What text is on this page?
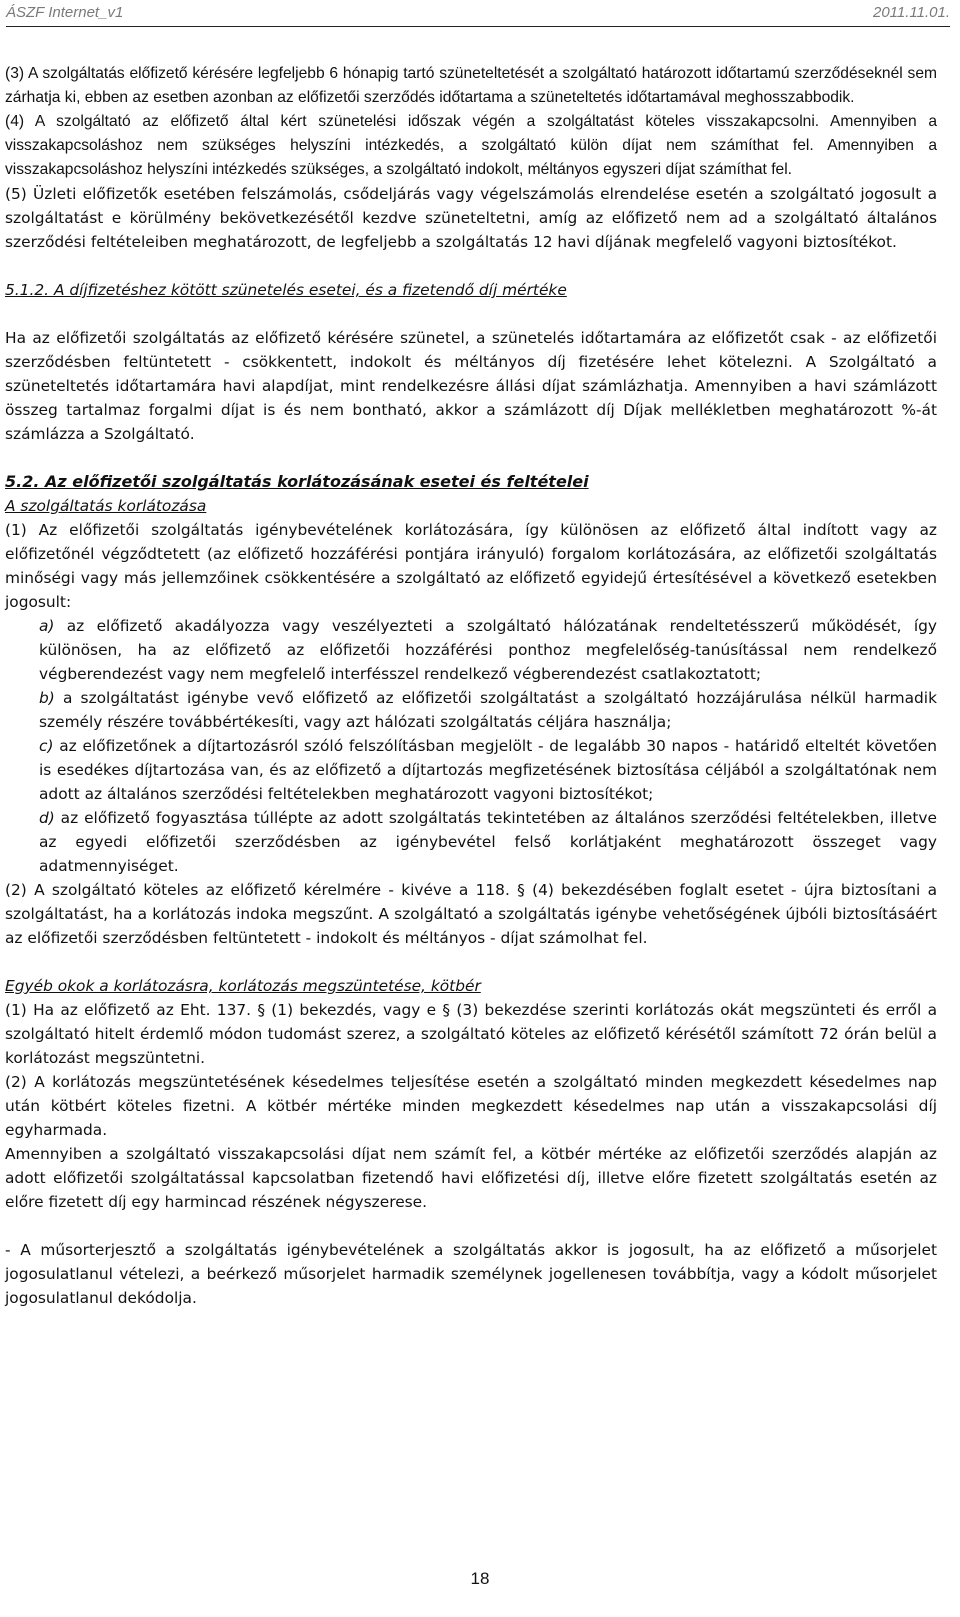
ÁSZF Internet_v1	2011.11.01.

(3) A szolgáltatás előfizető kérésére legfeljebb 6 hónapig tartó szüneteltetését a szolgáltató határozott időtartamú szerződéseknél sem zárhatja ki, ebben az esetben azonban az előfizetői szerződés időtartama a szüneteltetés időtartamával meghosszabbodik.

(4) A szolgáltató az előfizető által kért szünetelési időszak végén a szolgáltatást köteles visszakapcsolni. Amennyiben a visszakapcsoláshoz nem szükséges helyszíni intézkedés, a szolgáltató külön díjat nem számíthat fel. Amennyiben a visszakapcsoláshoz helyszíni intézkedés szükséges, a szolgáltató indokolt, méltányos egyszeri díjat számíthat fel.

(5) Üzleti előfizetők esetében felszámolás, csődeljárás vagy végelszámolás elrendelése esetén a szolgáltató jogosult a szolgáltatást e körülmény bekövetkezésétől kezdve szüneteltetni, amíg az előfizető nem ad a szolgáltató általános szerződési feltételeiben meghatározott, de legfeljebb a szolgáltatás 12 havi díjának megfelelő vagyoni biztosítékot.

5.1.2. A díjfizetéshez kötött szünetelés esetei, és a fizetendő díj mértéke

Ha az előfizetői szolgáltatás az előfizető kérésére szünetel, a szünetelés időtartamára az előfizetőt csak - az előfizetői szerződésben feltüntetett - csökkentett, indokolt és méltányos díj fizetésére lehet kötelezni. A Szolgáltató a szüneteltetés időtartamára havi alapdíjat, mint rendelkezésre állási díjat számlázhatja. Amennyiben a havi számlázott összeg tartalmaz forgalmi díjat is és nem bontható, akkor a számlázott díj Díjak mellékletben meghatározott %-át számlázza a Szolgáltató.

5.2. Az előfizetői szolgáltatás korlátozásának esetei és feltételei

A szolgáltatás korlátozása

(1) Az előfizetői szolgáltatás igénybevételének korlátozására, így különösen az előfizető által indított vagy az előfizetőnél végződtetett (az előfizető hozzáférési pontjára irányuló) forgalom korlátozására, az előfizetői szolgáltatás minőségi vagy más jellemzőinek csökkentésére a szolgáltató az előfizető egyidejű értesítésével a következő esetekben jogosult:

a) az előfizető akadályozza vagy veszélyezteti a szolgáltató hálózatának rendeltetésszerű működését, így különösen, ha az előfizető az előfizetői hozzáférési ponthoz megfelelőség-tanúsítással nem rendelkező végberendezést vagy nem megfelelő interfésszel rendelkező végberendezést csatlakoztatott;

b) a szolgáltatást igénybe vevő előfizető az előfizetői szolgáltatást a szolgáltató hozzájárulása nélkül harmadik személy részére továbbértékesíti, vagy azt hálózati szolgáltatás céljára használja;

c) az előfizetőnek a díjtartozásról szóló felszólításban megjelölt - de legalább 30 napos - határidő elteltét követően is esedékes díjtartozása van, és az előfizető a díjtartozás megfizetésének biztosítása céljából a szolgáltatónak nem adott az általános szerződési feltételekben meghatározott vagyoni biztosítékot;

d) az előfizető fogyasztása túllépte az adott szolgáltatás tekintetében az általános szerződési feltételekben, illetve az egyedi előfizetői szerződésben az igénybevétel felső korlátjaként meghatározott összeget vagy adatmennyiséget.

(2) A szolgáltató köteles az előfizető kérelmére - kivéve a 118. § (4) bekezdésében foglalt esetet - újra biztosítani a szolgáltatást, ha a korlátozás indoka megszűnt. A szolgáltató a szolgáltatás igénybe vehetőségének újbóli biztosításáért az előfizetői szerződésben feltüntetett - indokolt és méltányos - díjat számolhat fel.

Egyéb okok a korlátozásra, korlátozás megszüntetése, kötbér

(1) Ha az előfizető az Eht. 137. § (1) bekezdés, vagy e § (3) bekezdése szerinti korlátozás okát megszünteti és erről a szolgáltató hitelt érdemlő módon tudomást szerez, a szolgáltató köteles az előfizető kérésétől számított 72 órán belül a korlátozást megszüntetni.

(2) A korlátozás megszüntetésének késedelmes teljesítése esetén a szolgáltató minden megkezdett késedelmes nap után kötbért köteles fizetni. A kötbér mértéke minden megkezdett késedelmes nap után a visszakapcsolási díj egyharmada.

Amennyiben a szolgáltató visszakapcsolási díjat nem számít fel, a kötbér mértéke az előfizetői szerződés alapján az adott előfizetői szolgáltatással kapcsolatban fizetendő havi előfizetési díj, illetve előre fizetett szolgáltatás esetén az előre fizetett díj egy harmincad részének négyszerese.

- A műsorterjesztő a szolgáltatás igénybevételének a szolgáltatás akkor is jogosult, ha az előfizető a műsorjelet jogosulatlanul vételezi, a beérkező műsorjelet harmadik személynek jogellenesen továbbítja, vagy a kódolt műsorjelet jogosulatlanul dekódolja.

18
